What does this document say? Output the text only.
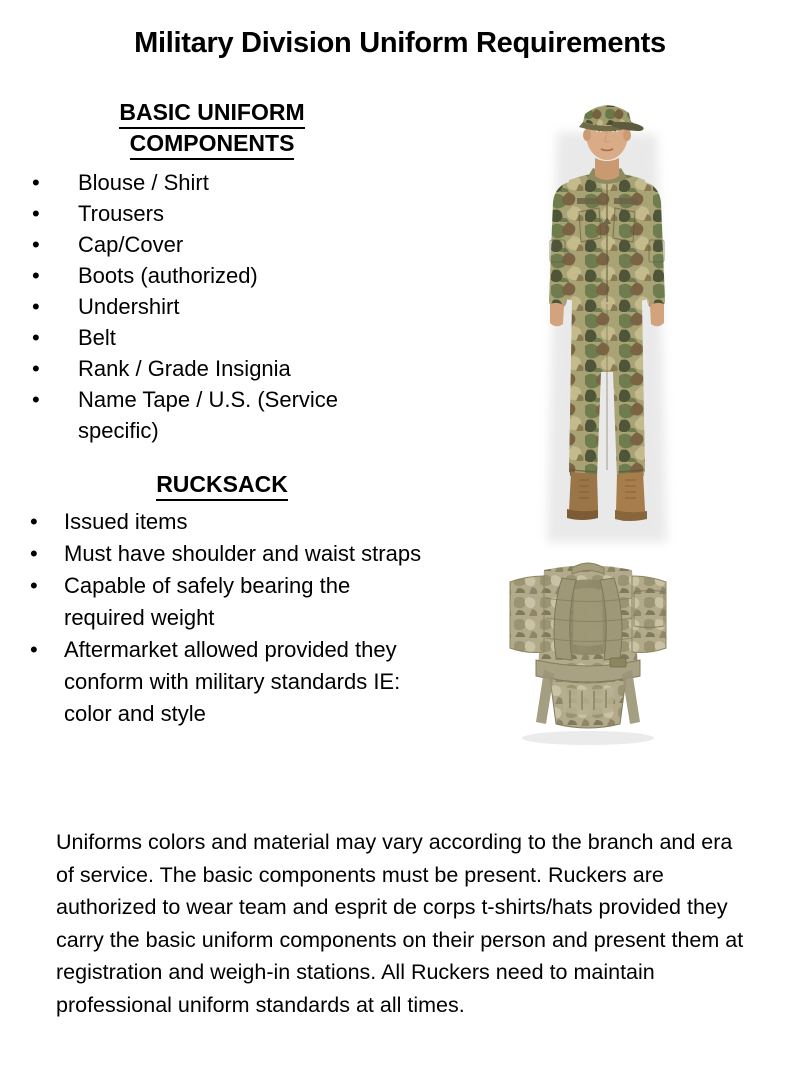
Military Division Uniform Requirements
BASIC UNIFORM
COMPONENTS
• Blouse / Shirt
• Trousers
• Cap/Cover
• Boots (authorized)
• Undershirt
• Belt
• Rank / Grade Insignia
• Name Tape / U.S. (Service specific)
RUCKSACK
• Issued items
• Must have shoulder and waist straps
• Capable of safely bearing the required weight
• Aftermarket allowed provided they conform with military standards IE: color and style
Uniforms colors and material may vary according to the branch and era of service. The basic components must be present. Ruckers are authorized to wear team and esprit de corps t-shirts/hats provided they carry the basic uniform components on their person and present them at registration and weigh-in stations. All Ruckers need to maintain professional uniform standards at all times.
